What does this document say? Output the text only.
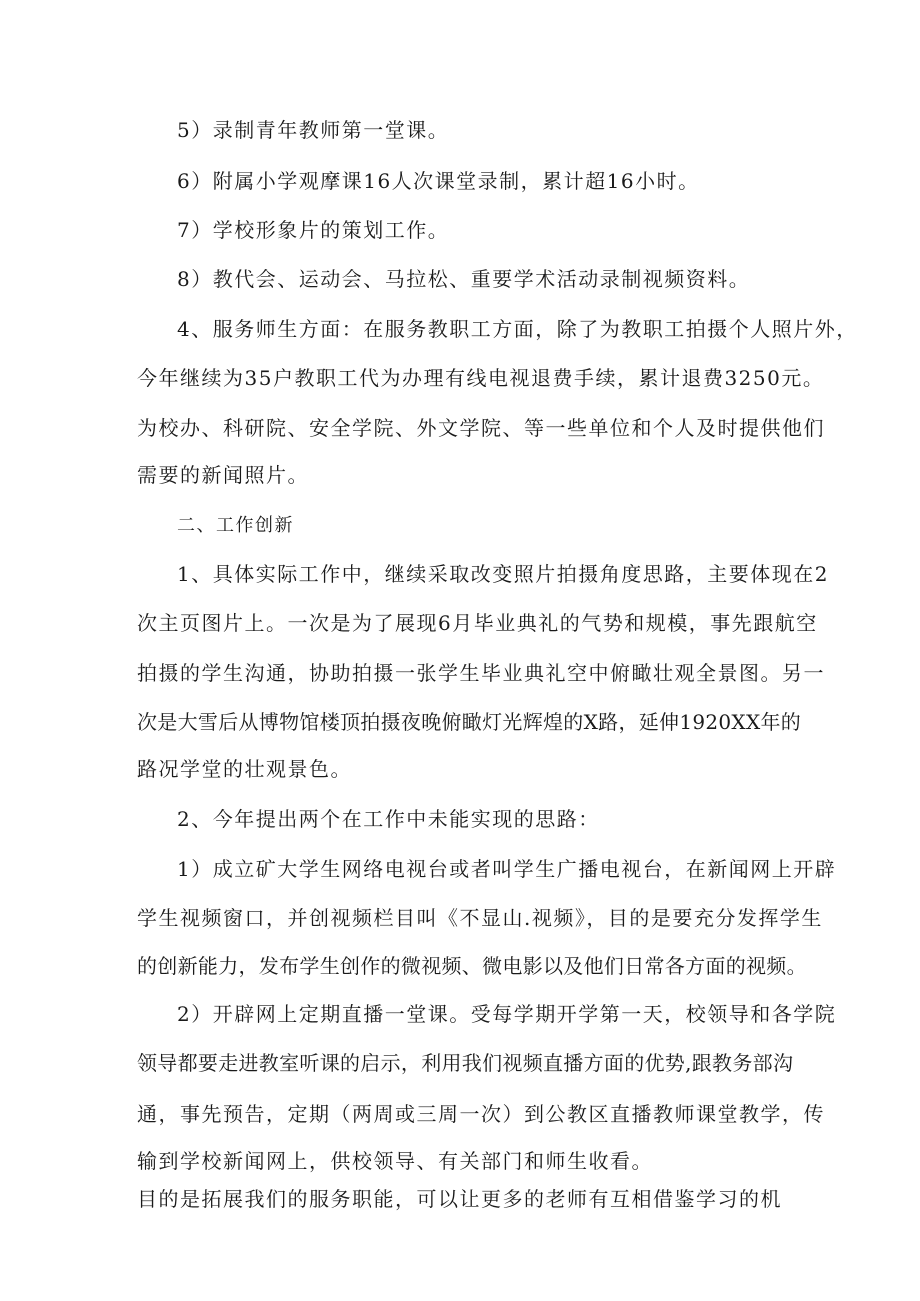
5）录制青年教师第一堂课。
6）附属小学观摩课16人次课堂录制，累计超16小时。
7）学校形象片的策划工作。
8）教代会、运动会、马拉松、重要学术活动录制视频资料。
4、服务师生方面：在服务教职工方面，除了为教职工拍摄个人照片外，
今年继续为35户教职工代为办理有线电视退费手续，累计退费3250元。
为校办、科研院、安全学院、外文学院、等一些单位和个人及时提供他们
需要的新闻照片。
二、工作创新
1、具体实际工作中，继续采取改变照片拍摄角度思路，主要体现在2
次主页图片上。一次是为了展现6月毕业典礼的气势和规模，事先跟航空
拍摄的学生沟通，协助拍摄一张学生毕业典礼空中俯瞰壮观全景图。另一
次是大雪后从博物馆楼顶拍摄夜晚俯瞰灯光辉煌的X路，延伸1920XX年的
路况学堂的壮观景色。
2、今年提出两个在工作中未能实现的思路：
1）成立矿大学生网络电视台或者叫学生广播电视台，在新闻网上开辟
学生视频窗口，并创视频栏目叫《不显山.视频》，目的是要充分发挥学生
的创新能力，发布学生创作的微视频、微电影以及他们日常各方面的视频。
2）开辟网上定期直播一堂课。受每学期开学第一天，校领导和各学院
领导都要走进教室听课的启示，利用我们视频直播方面的优势,跟教务部沟
通，事先预告，定期（两周或三周一次）到公教区直播教师课堂教学，传
输到学校新闻网上，供校领导、有关部门和师生收看。
目的是拓展我们的服务职能，可以让更多的老师有互相借鉴学习的机
